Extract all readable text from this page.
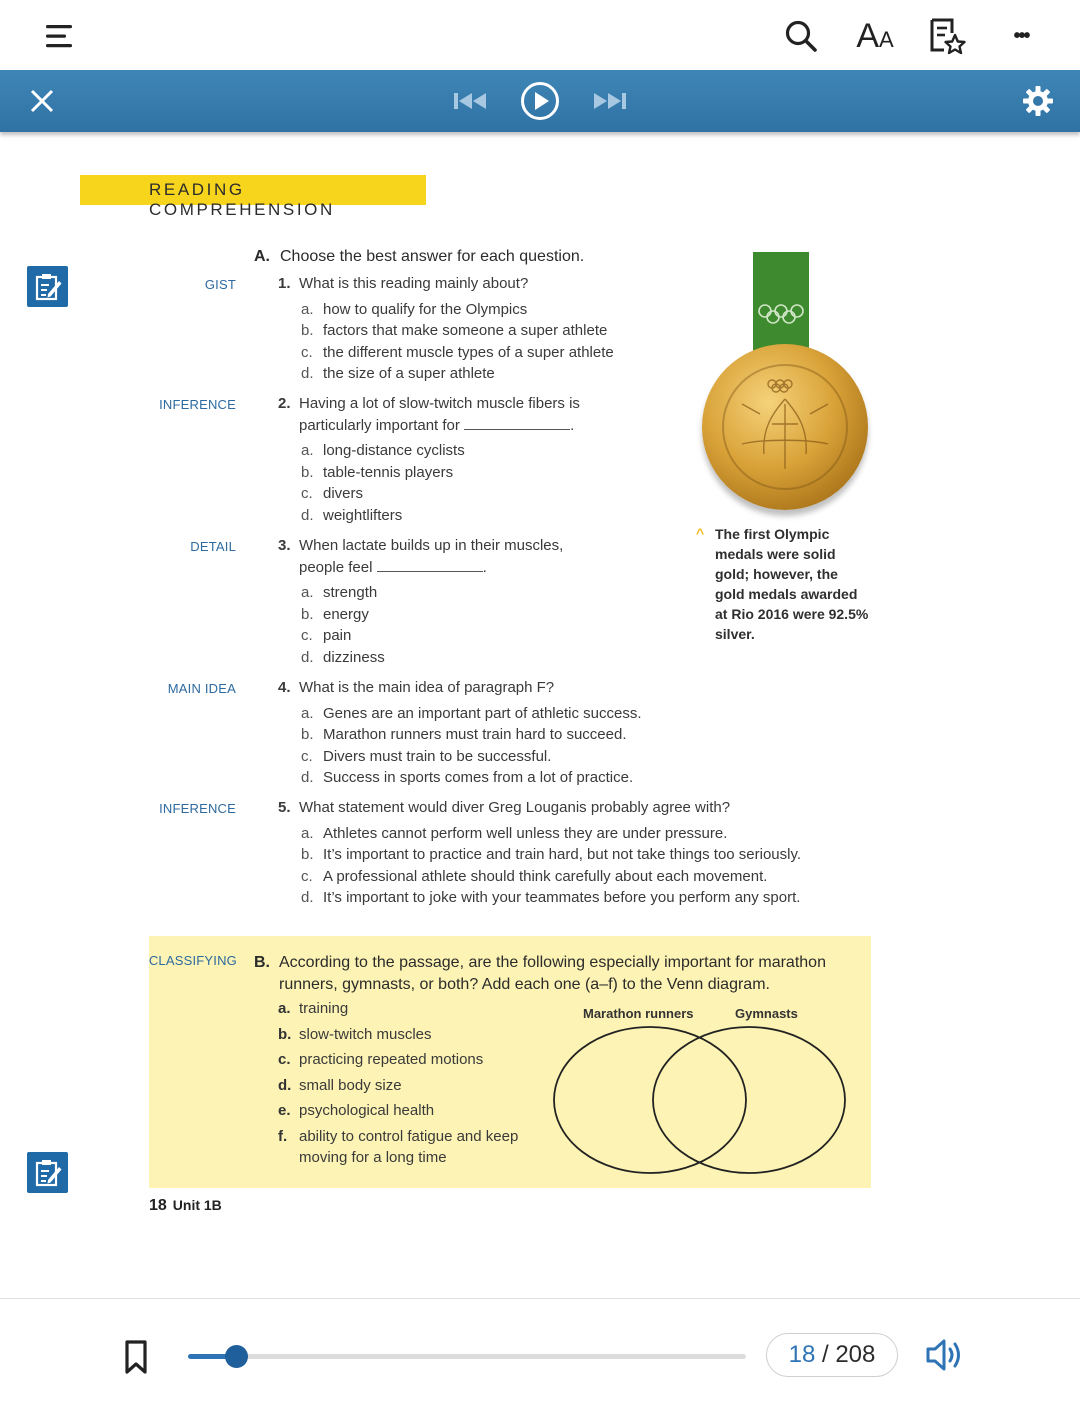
A A	•••
READING COMPREHENSION
A. Choose the best answer for each question.
GIST	1. What is this reading mainly about?
a. how to qualify for the Olympics
b. factors that make someone a super athlete
c. the different muscle types of a super athlete
d. the size of a super athlete
INFERENCE	2. Having a lot of slow-twitch muscle fibers is
particularly important for	.
a. long-distance cyclists
b. table-tennis players
c. divers
d. weightlifters
DETAIL	3. When lactate builds up in their muscles,
people feel	.
a. strength
b. energy
c. pain
d. dizziness
MAIN IDEA	4. What is the main idea of paragraph F?
a. Genes are an important part of athletic success.
b. Marathon runners must train hard to succeed.
c. Divers must train to be successful.
d. Success in sports comes from a lot of practice.
INFERENCE	5. What statement would diver Greg Louganis probably agree with?
a. Athletes cannot perform well unless they are under pressure.
b. It’s important to practice and train hard, but not take things too seriously.
c. A professional athlete should think carefully about each movement.
d. It’s important to joke with your teammates before you perform any sport.
^ The first Olympic medals were solid gold; however, the gold medals awarded at Rio 2016 were 92.5% silver.
CLASSIFYING B. According to the passage, are the following especially important for marathon runners, gymnasts, or both? Add each one (a–f) to the Venn diagram.
a. training
b. slow-twitch muscles
c. practicing repeated motions
d. small body size
e. psychological health
f. ability to control fatigue and keep moving for a long time
Marathon runners	Gymnasts
18 Unit 1B
18 / 208
